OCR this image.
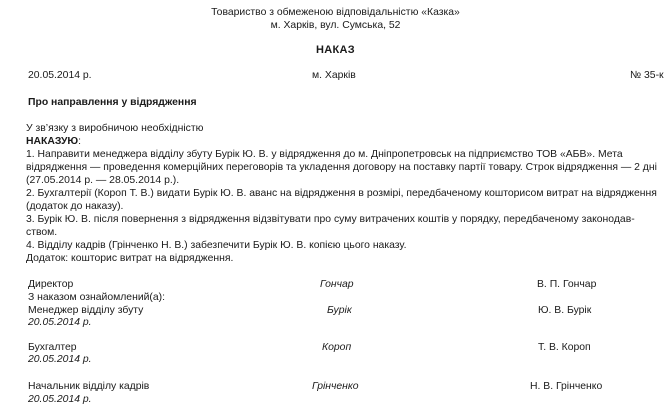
Товариство з обмеженою відповідальністю «Казка»
м. Харків, вул. Сумська, 52
НАКАЗ
20.05.2014 р.	м. Харків	№ 35-к
Про направлення у відрядження

У зв’язку з виробничою необхідністю

НАКАЗУЮ:

1. Направити менеджера відділу збуту Бурік Ю. В. у відрядження до м. Дніпропетровськ на підприємство ТОВ «АБВ». Мета

відрядження — проведення комерційних переговорів та укладення договору на поставку партії товару. Строк відрядження — 2 дні

(27.05.2014 р. — 28.05.2014 р.).

2. Бухгалтерії (Короп Т. В.) видати Бурік Ю. В. аванс на відрядження в розмірі, передбаченому кошторисом витрат на відрядження

(додаток до наказу).

3. Бурік Ю. В. після повернення з відрядження відзвітувати про суму витрачених коштів у порядку, передбаченому законодав-

ством.

4. Відділу кадрів (Грінченко Н. В.) забезпечити Бурік Ю. В. копією цього наказу.

Додаток: кошторис витрат на відрядження.

Директор	Гончар	В. П. Гончар
З наказом ознайомлений(а):
Менеджер відділу збуту	Бурік	Ю. В. Бурік
20.05.2014 р.
Бухгалтер	Короп	Т. В. Короп
20.05.2014 р.
Начальник відділу кадрів	Грінченко	Н. В. Грінченко
20.05.2014 р.
